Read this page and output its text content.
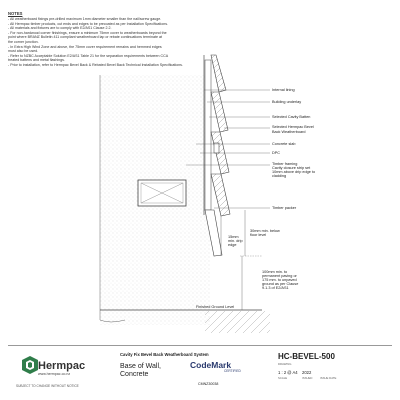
NOTES
- All weatherboard fixings pre-drilled maximum 1mm diameter smaller than the nail/screw gauge.
- All Hermpac timber products, cut ends and edges to be precoated as per Installation Specifications.
- All materials and fixtures are to comply with E2/AS1 Clause 2.2.
- For non-hardwood corner finishings, ensure a minimum 75mm cover to weatherboards beyond the
point where BRANZ Bulletin 411 compliant weatherboard lap or rebate continuations terminate at
the corner junction.
- In Extra High Wind Zone and above, the 75mm cover requirement remains and hemmed edges
must also be used.
- Refer to NZBC Acceptable Solution E2/AS1 Table 21 for the separation requirements between CCA
treated battens and metal flashings.
- Prior to installation, refer to Hermpac Bevel Back & Rebated Bevel Back Technical Installation Specifications.
Internal lining
Building underlay
Selected Cavity Batten
Selected Hermpac Bevel
Back Weatherboard
Concrete slab
DPC
Timber framing
Cavity closure strip set
10mm above drip edge to
cladding
Timber packer
30mm min. below
floor level
15mm
min. drip
edge
100mm min. to
permanent paving or
175 mm. to unpaved
ground as per Clause
9.1.3 of E2/AS1
Finished Ground Level
Hermpac
www.hermpac.co.nz
SUBJECT TO CHANGE WITHOUT NOTICE
Cavity Fix Bevel Back Weatherboard System
Base of Wall,
Concrete
CodeMark
CERTIFIED
CMNZ30038
HC-BEVEL-500
DRAWING
1 : 2 @ A4
SCALE
2022
ISSUED	ISSUE DATE
